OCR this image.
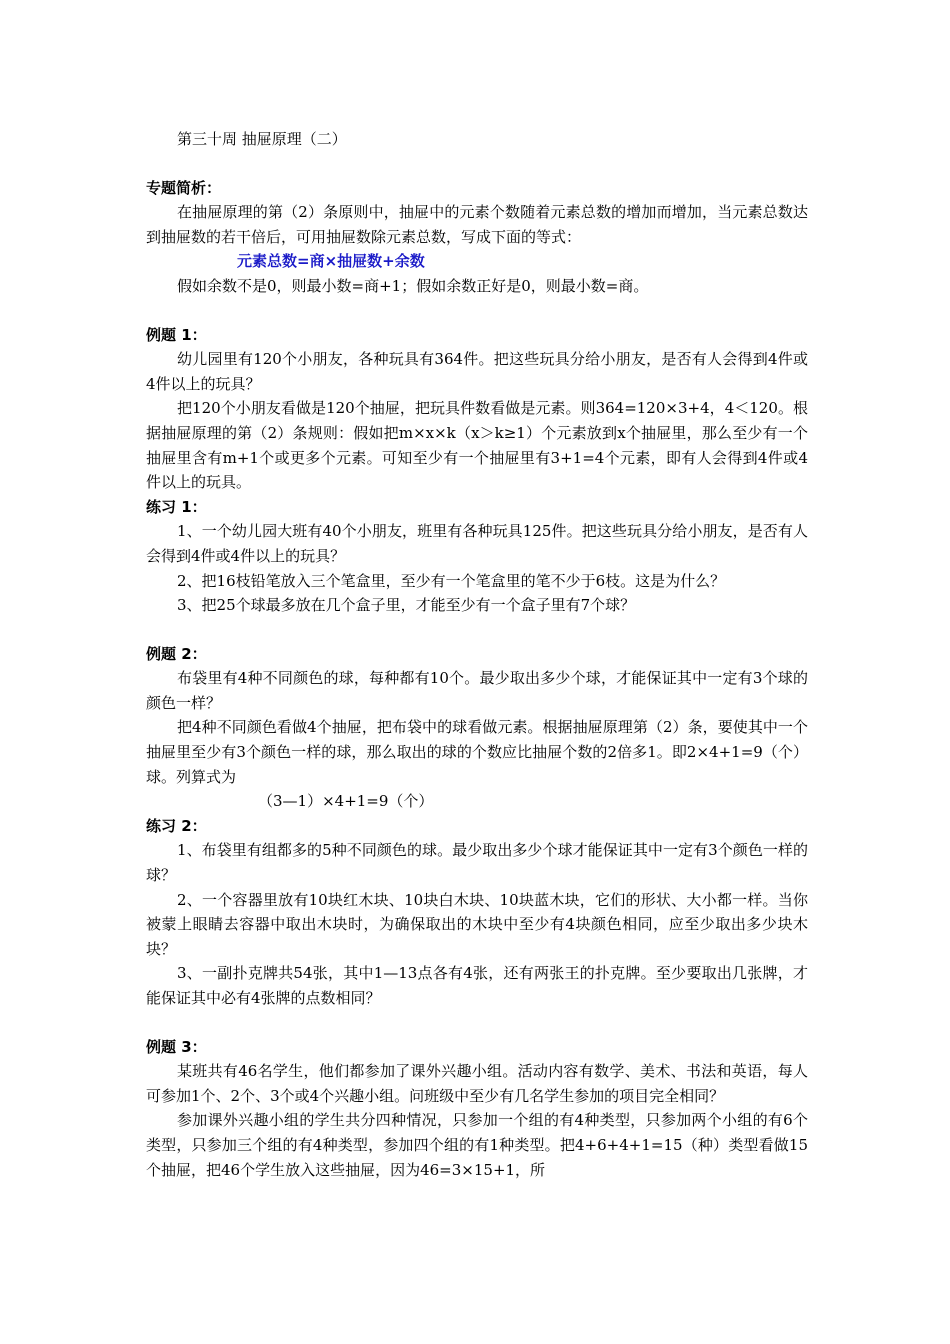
第三十周 抽屉原理（二）

专题简析：

在抽屉原理的第（2）条原则中，抽屉中的元素个数随着元素总数的增加而增加，当元素总数达到抽屉数的若干倍后，可用抽屉数除元素总数，写成下面的等式：

元素总数=商×抽屉数+余数

假如余数不是0，则最小数=商+1；假如余数正好是0，则最小数=商。

例题 1：

幼儿园里有120个小朋友，各种玩具有364件。把这些玩具分给小朋友，是否有人会得到4件或4件以上的玩具？

把120个小朋友看做是120个抽屉，把玩具件数看做是元素。则364=120×3+4，4＜120。根据抽屉原理的第（2）条规则：假如把m×x×k（x＞k≥1）个元素放到x个抽屉里，那么至少有一个抽屉里含有m+1个或更多个元素。可知至少有一个抽屉里有3+1=4个元素，即有人会得到4件或4件以上的玩具。

练习 1：

1、一个幼儿园大班有40个小朋友，班里有各种玩具125件。把这些玩具分给小朋友，是否有人会得到4件或4件以上的玩具？

2、把16枝铅笔放入三个笔盒里，至少有一个笔盒里的笔不少于6枝。这是为什么？

3、把25个球最多放在几个盒子里，才能至少有一个盒子里有7个球？

例题 2：

布袋里有4种不同颜色的球，每种都有10个。最少取出多少个球，才能保证其中一定有3个球的颜色一样？

把4种不同颜色看做4个抽屉，把布袋中的球看做元素。根据抽屉原理第（2）条，要使其中一个抽屉里至少有3个颜色一样的球，那么取出的球的个数应比抽屉个数的2倍多1。即2×4+1=9（个）球。列算式为

（3—1）×4+1=9（个）

练习 2：

1、布袋里有组都多的5种不同颜色的球。最少取出多少个球才能保证其中一定有3个颜色一样的球？

2、一个容器里放有10块红木块、10块白木块、10块蓝木块，它们的形状、大小都一样。当你被蒙上眼睛去容器中取出木块时，为确保取出的木块中至少有4块颜色相同，应至少取出多少块木块？

3、一副扑克牌共54张，其中1—13点各有4张，还有两张王的扑克牌。至少要取出几张牌，才能保证其中必有4张牌的点数相同？

例题 3：

某班共有46名学生，他们都参加了课外兴趣小组。活动内容有数学、美术、书法和英语，每人可参加1个、2个、3个或4个兴趣小组。问班级中至少有几名学生参加的项目完全相同？

参加课外兴趣小组的学生共分四种情况，只参加一个组的有4种类型，只参加两个小组的有6个类型，只参加三个组的有4种类型，参加四个组的有1种类型。把4+6+4+1=15（种）类型看做15个抽屉，把46个学生放入这些抽屉，因为46=3×15+1，所
